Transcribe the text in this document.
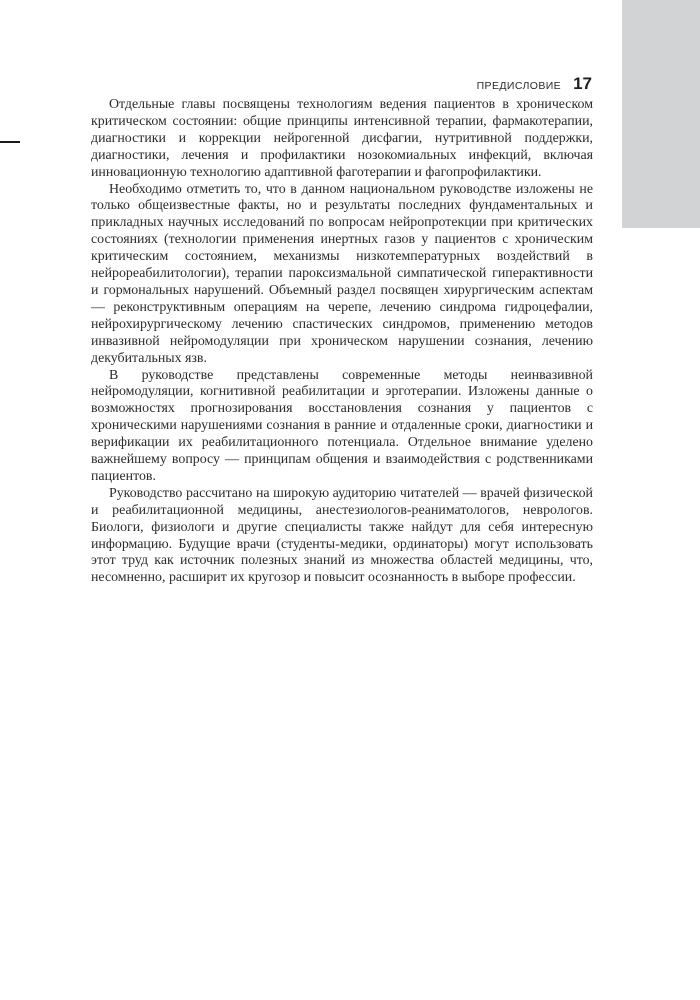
ПРЕДИСЛОВИЕ 17

Отдельные главы посвящены технологиям ведения пациентов в хроническом критическом состоянии: общие принципы интенсивной терапии, фармакотерапии, диагностики и коррекции нейрогенной дисфагии, нутритивной поддержки, диагностики, лечения и профилактики нозокомиальных инфекций, включая инновационную технологию адаптивной фаготерапии и фагопрофилактики.

Необходимо отметить то, что в данном национальном руководстве изложены не только общеизвестные факты, но и результаты последних фундаментальных и прикладных научных исследований по вопросам нейропротекции при критических состояниях (технологии применения инертных газов у пациентов с хроническим критическим состоянием, механизмы низкотемпературных воздействий в нейрореабилитологии), терапии пароксизмальной симпатической гиперактивности и гормональных нарушений. Объемный раздел посвящен хирургическим аспектам — реконструктивным операциям на черепе, лечению синдрома гидроцефалии, нейрохирургическому лечению спастических синдромов, применению методов инвазивной нейромодуляции при хроническом нарушении сознания, лечению декубитальных язв.

В руководстве представлены современные методы неинвазивной нейромодуляции, когнитивной реабилитации и эрготерапии. Изложены данные о возможностях прогнозирования восстановления сознания у пациентов с хроническими нарушениями сознания в ранние и отдаленные сроки, диагностики и верификации их реабилитационного потенциала. Отдельное внимание уделено важнейшему вопросу — принципам общения и взаимодействия с родственниками пациентов.

Руководство рассчитано на широкую аудиторию читателей — врачей физической и реабилитационной медицины, анестезиологов-реаниматологов, неврологов. Биологи, физиологи и другие специалисты также найдут для себя интересную информацию. Будущие врачи (студенты-медики, ординаторы) могут использовать этот труд как источник полезных знаний из множества областей медицины, что, несомненно, расширит их кругозор и повысит осознанность в выборе профессии.
